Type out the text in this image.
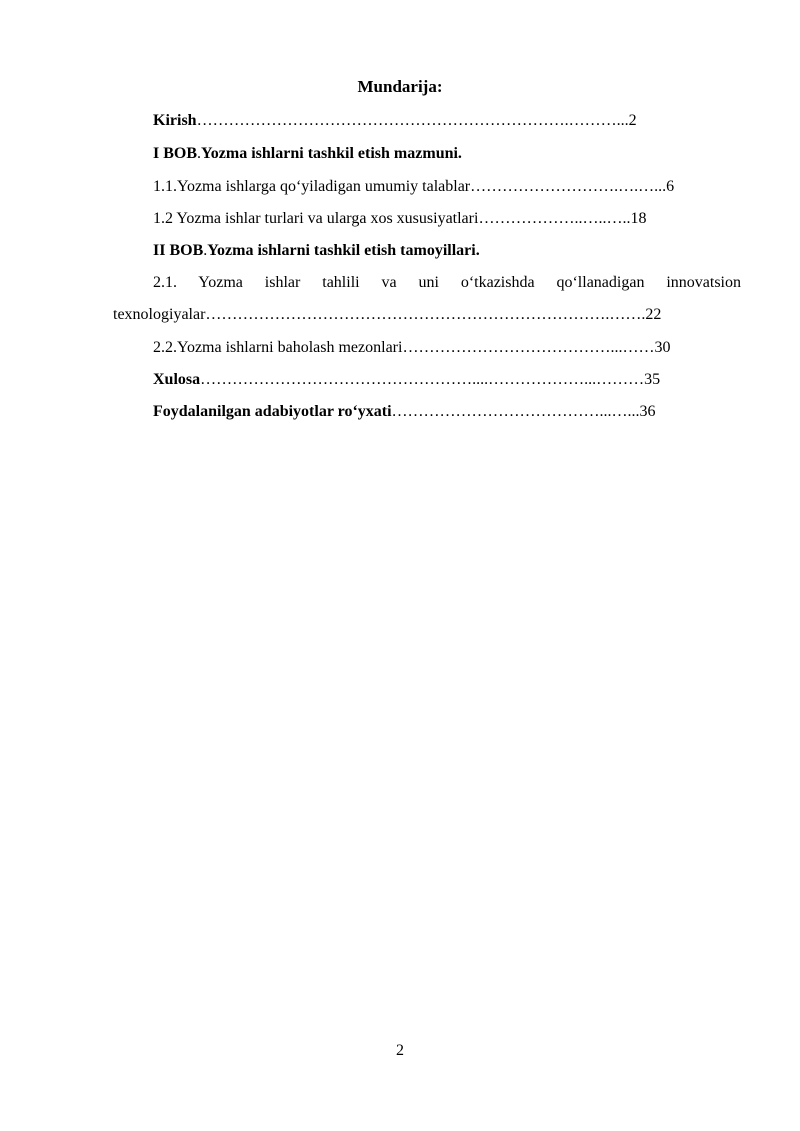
Mundarija:
Kirish…………………………………………………………….………...2
I BOB.Yozma ishlarni tashkil etish mazmuni.
1.1.Yozma ishlarga qo‘yiladigan umumiy talablar……………………….….…...6
1.2 Yozma ishlar turlari va ularga xos xususiyatlari………………..…..…..18
II BOB.Yozma ishlarni tashkil etish tamoyillari.
2.1. Yozma ishlar tahlili va uni o‘tkazishda qo‘llanadigan innovatsion
texnologiyalar………………………………………………………………….…….22
2.2.Yozma ishlarni baholash mezonlari…………………………………...……30
Xulosa……………………………………………....………………...………35
Foydalanilgan adabiyotlar ro‘yxati…………………………………...…...36
2
